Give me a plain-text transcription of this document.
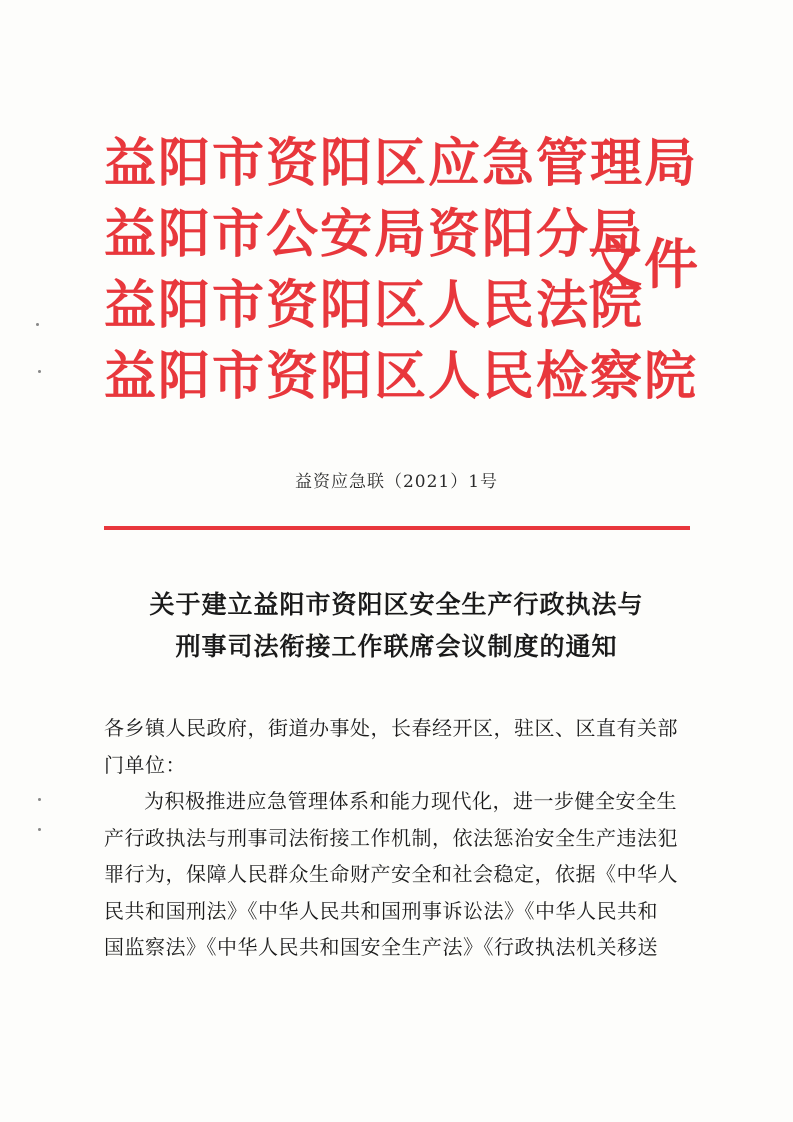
益阳市资阳区应急管理局
益阳市公安局资阳分局
益阳市资阳区人民法院
益阳市资阳区人民检察院
文件
益资应急联（2021）1号
关于建立益阳市资阳区安全生产行政执法与
刑事司法衔接工作联席会议制度的通知

各乡镇人民政府，街道办事处，长春经开区，驻区、区直有关部
门单位：

为积极推进应急管理体系和能力现代化，进一步健全安全生
产行政执法与刑事司法衔接工作机制，依法惩治安全生产违法犯
罪行为，保障人民群众生命财产安全和社会稳定，依据《中华人
民共和国刑法》《中华人民共和国刑事诉讼法》《中华人民共和
国监察法》《中华人民共和国安全生产法》《行政执法机关移送
